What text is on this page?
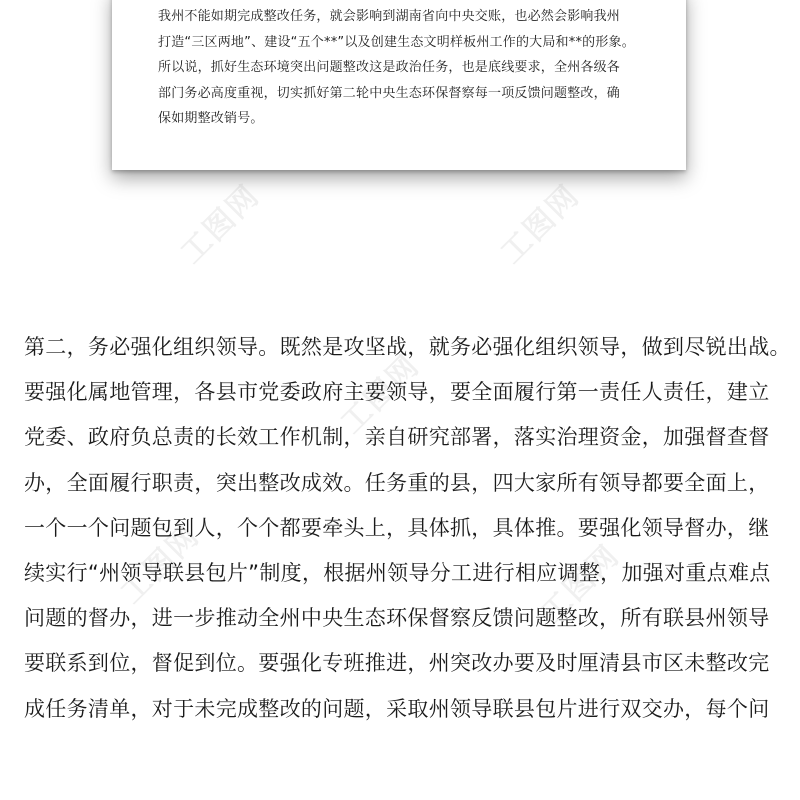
工图网	工图网
工图网
工图网	工图网
我州不能如期完成整改任务，就会影响到湖南省向中央交账，也必然会影响我州
打造“三区两地”、建设“五个**”以及创建生态文明样板州工作的大局和**的形象。
所以说，抓好生态环境突出问题整改这是政治任务，也是底线要求，全州各级各
部门务必高度重视，切实抓好第二轮中央生态环保督察每一项反馈问题整改，确
保如期整改销号。
第二，务必强化组织领导。既然是攻坚战，就务必强化组织领导，做到尽锐出战。
要强化属地管理，各县市党委政府主要领导，要全面履行第一责任人责任，建立
党委、政府负总责的长效工作机制，亲自研究部署，落实治理资金，加强督查督
办，全面履行职责，突出整改成效。任务重的县，四大家所有领导都要全面上，
一个一个问题包到人，个个都要牵头上，具体抓，具体推。要强化领导督办，继
续实行“州领导联县包片”制度，根据州领导分工进行相应调整，加强对重点难点
问题的督办，进一步推动全州中央生态环保督察反馈问题整改，所有联县州领导
要联系到位，督促到位。要强化专班推进，州突改办要及时厘清县市区未整改完
成任务清单，对于未完成整改的问题，采取州领导联县包片进行双交办，每个问
